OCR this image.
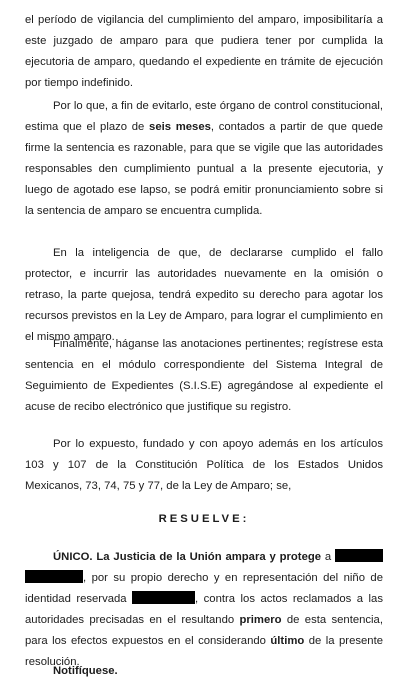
el período de vigilancia del cumplimiento del amparo, imposibilitaría a este juzgado de amparo para que pudiera tener por cumplida la ejecutoria de amparo, quedando el expediente en trámite de ejecución por tiempo indefinido.

Por lo que, a fin de evitarlo, este órgano de control constitucional, estima que el plazo de seis meses, contados a partir de que quede firme la sentencia es razonable, para que se vigile que las autoridades responsables den cumplimiento puntual a la presente ejecutoria, y luego de agotado ese lapso, se podrá emitir pronunciamiento sobre si la sentencia de amparo se encuentra cumplida.

En la inteligencia de que, de declararse cumplido el fallo protector, e incurrir las autoridades nuevamente en la omisión o retraso, la parte quejosa, tendrá expedito su derecho para agotar los recursos previstos en la Ley de Amparo, para lograr el cumplimiento en el mismo amparo.

Finalmente, háganse las anotaciones pertinentes; regístrese esta sentencia en el módulo correspondiente del Sistema Integral de Seguimiento de Expedientes (S.I.S.E) agregándose al expediente el acuse de recibo electrónico que justifique su registro.

Por lo expuesto, fundado y con apoyo además en los artículos 103 y 107 de la Constitución Política de los Estados Unidos Mexicanos, 73, 74, 75 y 77, de la Ley de Amparo; se,

RESUELVE:

ÚNICO. La Justicia de la Unión ampara y protege a  , por su propio derecho y en representación del niño de identidad reservada	, contra los actos reclamados a las autoridades precisadas en el resultando primero de esta sentencia, para los efectos expuestos en el considerando último de la presente resolución.

Notifíquese.
